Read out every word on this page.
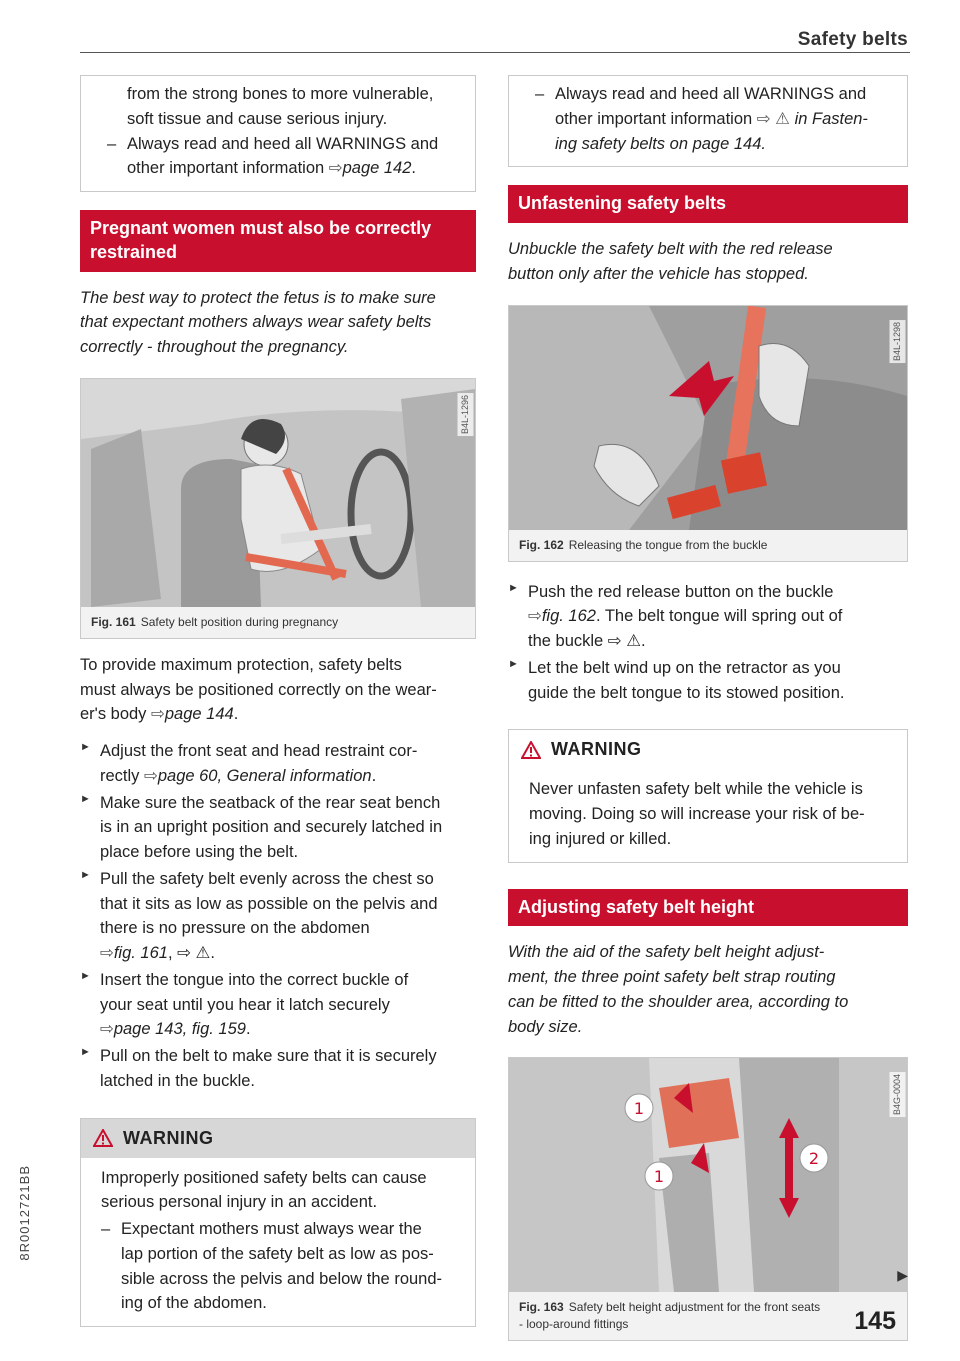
Safety belts
from the strong bones to more vulnerable,
soft tissue and cause serious injury.
– Always read and heed all WARNINGS and
other important information ⇨page 142.
Pregnant women must also be correctly
restrained
The best way to protect the fetus is to make sure
that expectant mothers always wear safety belts
correctly - throughout the pregnancy.
B4L-1296
Fig. 161 Safety belt position during pregnancy

To provide maximum protection, safety belts
must always be positioned correctly on the wear-
er's body ⇨page 144.

► Adjust the front seat and head restraint cor-
rectly ⇨page 60, General information.
► Make sure the seatback of the rear seat bench
is in an upright position and securely latched in
place before using the belt.
► Pull the safety belt evenly across the chest so
that it sits as low as possible on the pelvis and
there is no pressure on the abdomen
⇨fig. 161, ⇨ ⚠.
► Insert the tongue into the correct buckle of
your seat until you hear it latch securely
⇨page 143, fig. 159.
► Pull on the belt to make sure that it is securely
latched in the buckle.
WARNING
Improperly positioned safety belts can cause
serious personal injury in an accident.
– Expectant mothers must always wear the
lap portion of the safety belt as low as pos-
sible across the pelvis and below the round-
ing of the abdomen.
– Always read and heed all WARNINGS and
other important information ⇨ ⚠ in Fasten-
ing safety belts on page 144.
Unfastening safety belts
Unbuckle the safety belt with the red release
button only after the vehicle has stopped.
B4L-1298
Fig. 162 Releasing the tongue from the buckle
► Push the red release button on the buckle
⇨fig. 162. The belt tongue will spring out of
the buckle ⇨ ⚠.
► Let the belt wind up on the retractor as you
guide the belt tongue to its stowed position.
WARNING
Never unfasten safety belt while the vehicle is
moving. Doing so will increase your risk of be-
ing injured or killed.
Adjusting safety belt height
With the aid of the safety belt height adjust-
ment, the three point safety belt strap routing
can be fitted to the shoulder area, according to
body size.
1
1
2
B4G-0004
Fig. 163 Safety belt height adjustment for the front seats
- loop-around fittings
▶
145
8R0012721BB
